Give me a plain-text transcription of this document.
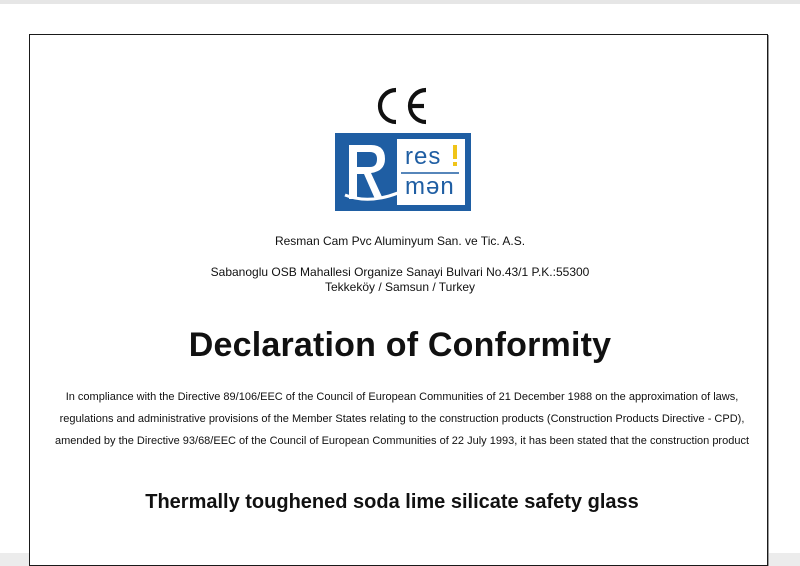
res
mən
Resman Cam Pvc Aluminyum San. ve Tic. A.S.
Sabanoglu OSB Mahallesi Organize Sanayi Bulvari No.43/1 P.K.:55300
Tekkeköy / Samsun / Turkey
Declaration of Conformity

In compliance with the Directive 89/106/EEC of the Council of European Communities of 21 December 1988 on the approximation of laws, regulations and administrative provisions of the Member States relating to the construction products (Construction Products Directive - CPD), amended by the Directive 93/68/EEC of the Council of European Communities of 22 July 1993, it has been stated that the construction product

Thermally toughened soda lime silicate safety glass
